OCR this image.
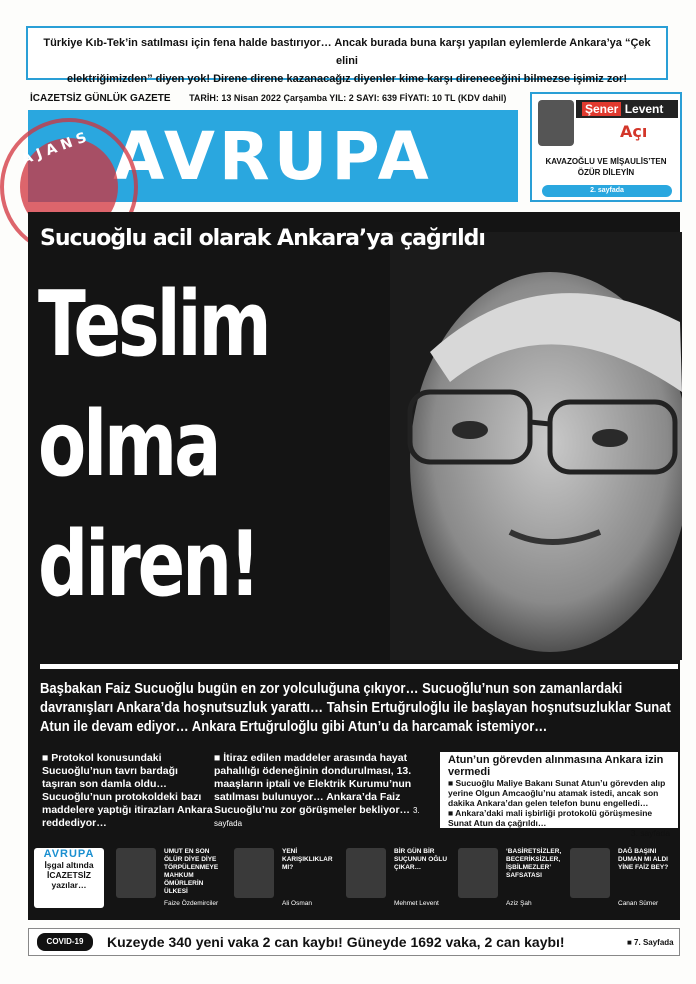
Türkiye Kıb-Tek’in satılması için fena halde bastırıyor… Ancak burada buna karşı yapılan eylemlerde Ankara’ya “Çek elini
elektriğimizden” diyen yok! Direne direne kazanacağız diyenler kime karşı direneceğini bilmezse işimiz zor!
İCAZETSİZ GÜNLÜK GAZETE TARİH: 13 Nisan 2022 Çarşamba YIL: 2 SAYI: 639 FİYATI: 10 TL (KDV dahil)
AVRUPA
A J A N S
Şener Levent
Açı
KAVAZOĞLU VE MİŞAULİS’TEN ÖZÜR DİLEYİN
2. sayfada
Sucuoğlu acil olarak Ankara’ya çağrıldı
Teslim
olma
diren!
Başbakan Faiz Sucuoğlu bugün en zor yolculuğuna çıkıyor… Sucuoğlu’nun son zamanlardaki davranışları Ankara’da hoşnutsuzluk yarattı… Tahsin Ertuğruloğlu ile başlayan hoşnutsuzluklar Sunat Atun ile devam ediyor… Ankara Ertuğruloğlu gibi Atun’u da harcamak istemiyor…
■ Protokol konusundaki Sucuoğlu’nun tavrı bardağı taşıran son damla oldu… Sucuoğlu’nun protokoldeki bazı maddelere yaptığı itirazları Ankara reddediyor…
■ İtiraz edilen maddeler arasında hayat pahalılığı ödeneğinin dondurulması, 13. maaşların iptali ve Elektrik Kurumu’nun satılması bulunuyor… Ankara’da Faiz Sucuoğlu’nu zor görüşmeler bekliyor… 3. sayfada
Atun’un görevden alınmasına Ankara izin vermedi

■ Sucuoğlu Maliye Bakanı Sunat Atun’u görevden alıp yerine Olgun Amcaoğlu’nu atamak istedi, ancak son dakika Ankara’dan gelen telefon bunu engelledi…

■ Ankara’daki mali işbirliği protokolü görüşmesine Sunat Atun da çağrıldı…

3. sayfada

AVRUPA
İşgal altında İCAZETSİZ yazılar…
UMUT EN SON ÖLÜR DİYE DİYE TÖRPÜLENMEYE MAHKUM ÖMÜRLERİN ÜLKESİ
Faize Özdemirciler
YENİ KARIŞIKLIKLAR MI?
Ali Osman
BİR GÜN BİR SUÇUNUN OĞLU ÇIKAR…
Mehmet Levent
‘BASİRETSİZLER, BECERİKSİZLER, İŞBİLMEZLER’ SAFSATASI
Aziz Şah
DAĞ BAŞINI DUMAN MI ALDI YİNE FAİZ BEY?
Canan Sümer
COVID-19	Kuzeyde 340 yeni vaka 2 can kaybı! Güneyde 1692 vaka, 2 can kaybı!	■ 7. Sayfada
